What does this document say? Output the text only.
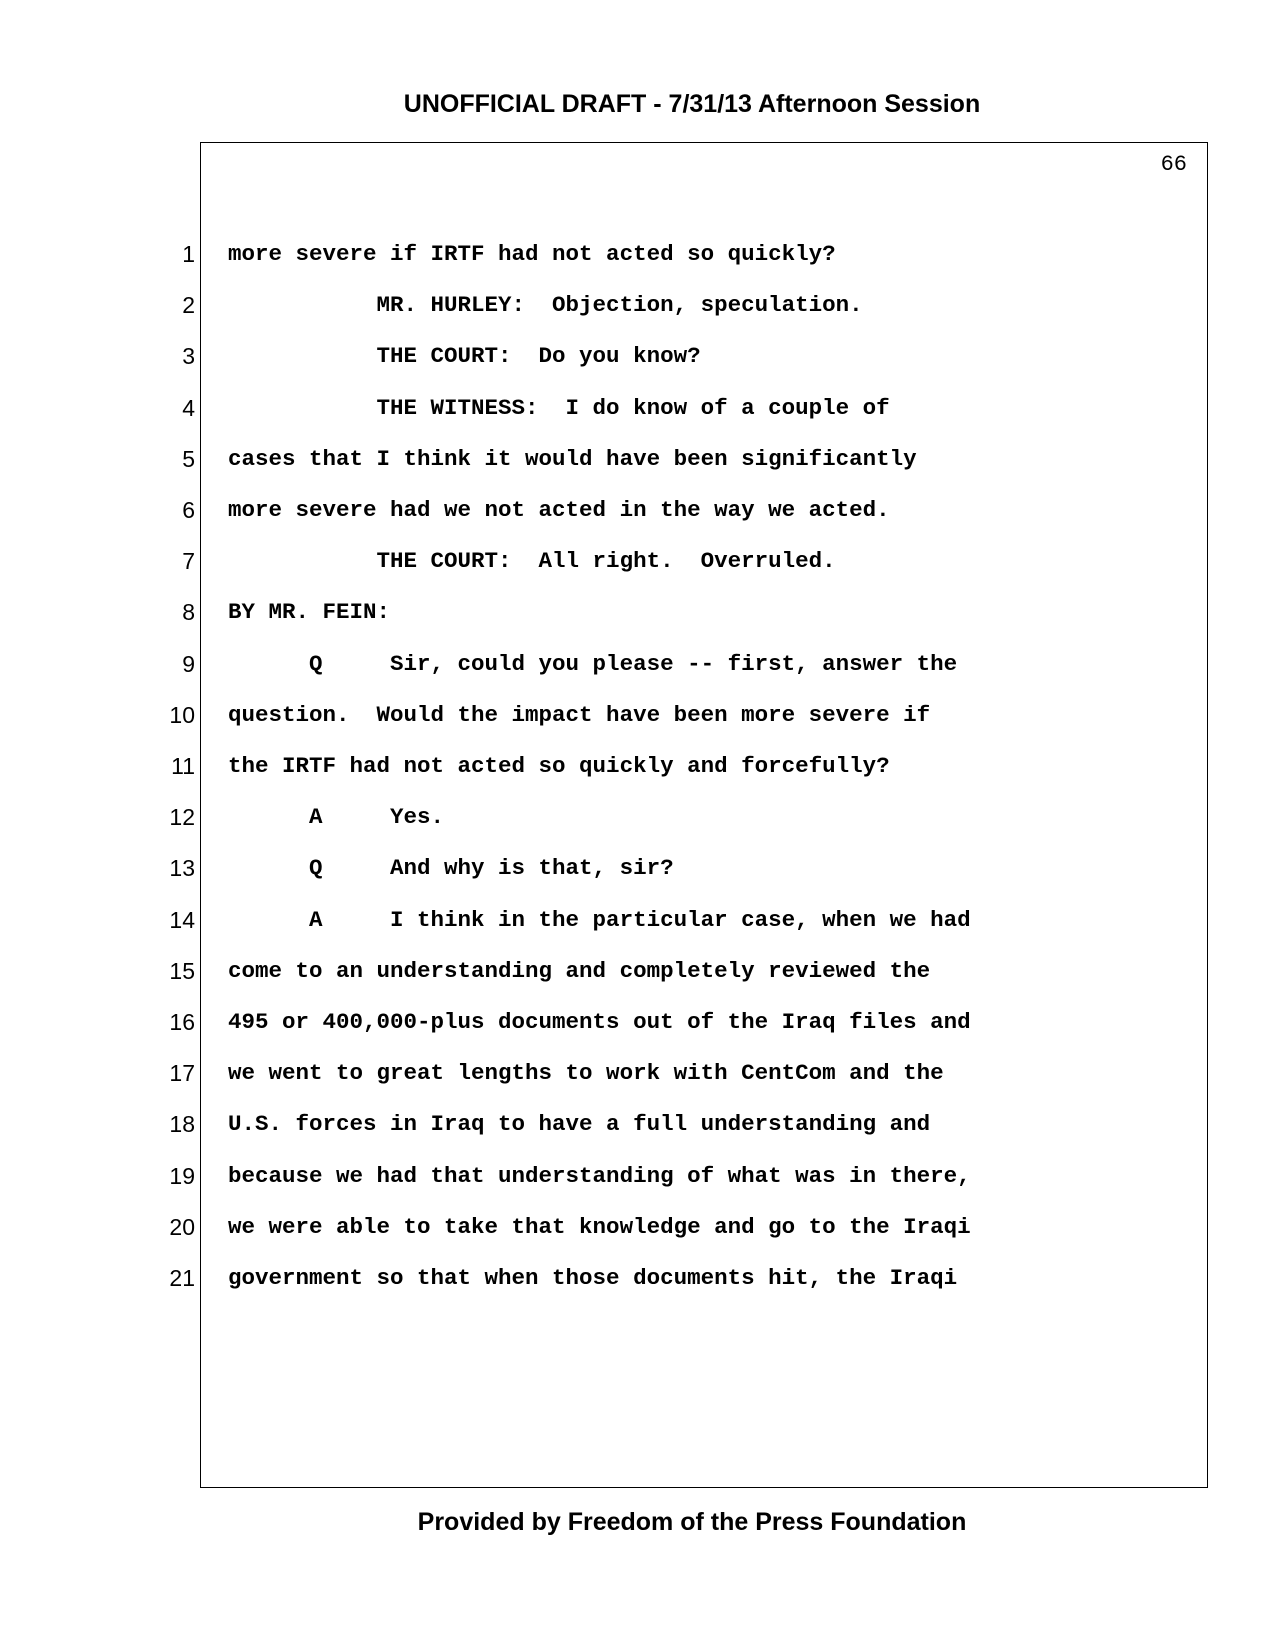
UNOFFICIAL DRAFT - 7/31/13 Afternoon Session
66
1 more severe if IRTF had not acted so quickly?
2 MR. HURLEY:  Objection, speculation.
3 THE COURT:  Do you know?
4 THE WITNESS:  I do know of a couple of
5 cases that I think it would have been significantly
6 more severe had we not acted in the way we acted.
7 THE COURT:  All right.  Overruled.
8 BY MR. FEIN:
9 Q     Sir, could you please -- first, answer the
10 question.  Would the impact have been more severe if
11 the IRTF had not acted so quickly and forcefully?
12 A     Yes.
13 Q     And why is that, sir?
14 A     I think in the particular case, when we had
15 come to an understanding and completely reviewed the
16 495 or 400,000-plus documents out of the Iraq files and
17 we went to great lengths to work with CentCom and the
18 U.S. forces in Iraq to have a full understanding and
19 because we had that understanding of what was in there,
20 we were able to take that knowledge and go to the Iraqi
21 government so that when those documents hit, the Iraqi
Provided by Freedom of the Press Foundation
